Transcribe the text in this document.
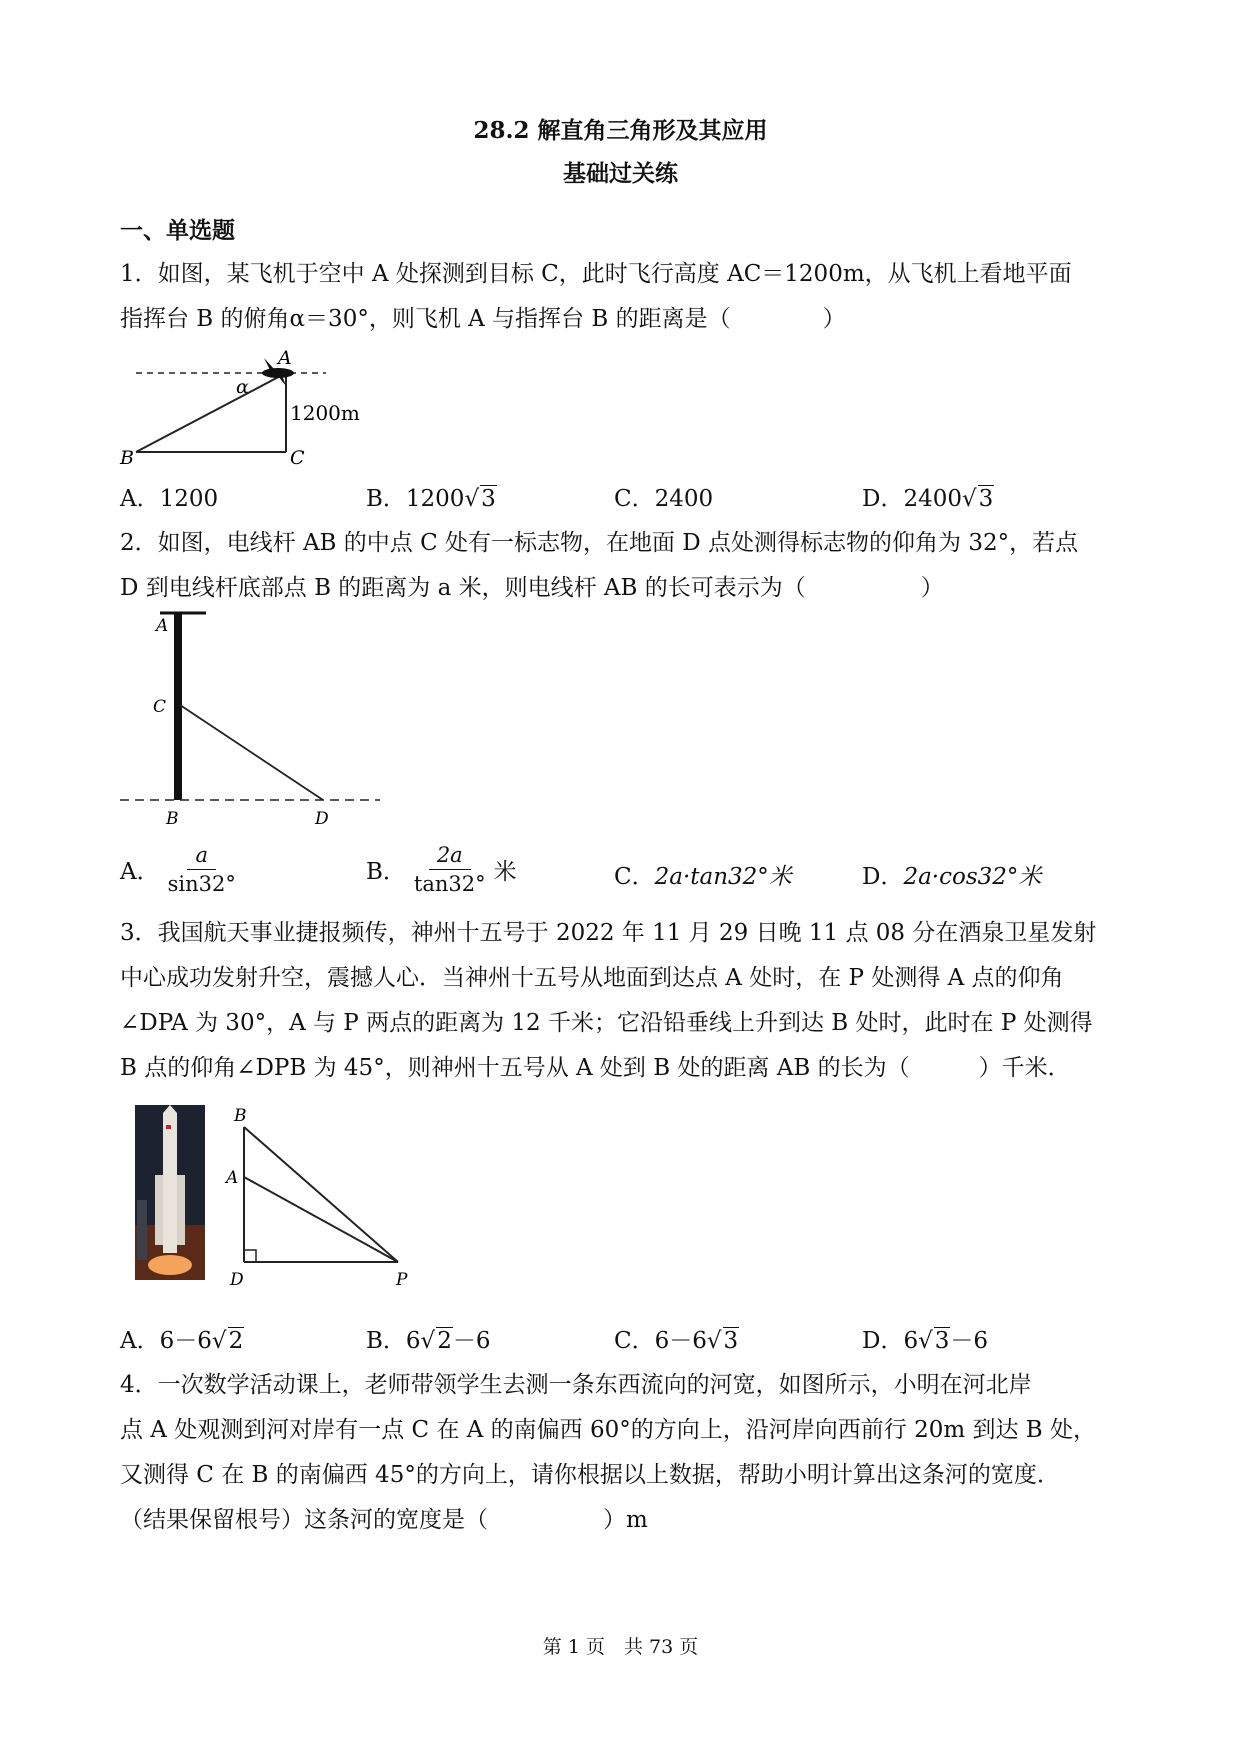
28.2 解直角三角形及其应用
基础过关练
一、单选题
1．如图，某飞机于空中 A 处探测到目标 C，此时飞行高度 AC＝1200m，从飞机上看地平面
指挥台 B 的俯角α＝30°，则飞机 A 与指挥台 B 的距离是（　　　　）
A
α
1200m
B	C
A．1200	B．1200√3	C．2400	D．2400√3
2．如图，电线杆 AB 的中点 C 处有一标志物，在地面 D 点处测得标志物的仰角为 32°，若点
D 到电线杆底部点 B 的距离为 a 米，则电线杆 AB 的长可表示为（　　　　　）
A
C
B	D
A． $\frac{a}{\sin 32^\circ}$	B． $\frac{2a}{\tan 32^\circ}$ 米	C．2a·tan32°米	D．2a·cos32°米
3．我国航天事业捷报频传，神州十五号于 2022 年 11 月 29 日晚 11 点 08 分在酒泉卫星发射
中心成功发射升空，震撼人心．当神州十五号从地面到达点 A 处时，在 P 处测得 A 点的仰角
∠DPA 为 30°，A 与 P 两点的距离为 12 千米；它沿铅垂线上升到达 B 处时，此时在 P 处测得
B 点的仰角∠DPB 为 45°，则神州十五号从 A 处到 B 处的距离 AB 的长为（　　　）千米．
B
A
D	P
A．6－6√2	B．6√2－6	C．6－6√3	D．6√3－6
4．一次数学活动课上，老师带领学生去测一条东西流向的河宽，如图所示，小明在河北岸
点 A 处观测到河对岸有一点 C 在 A 的南偏西 60°的方向上，沿河岸向西前行 20m 到达 B 处，
又测得 C 在 B 的南偏西 45°的方向上，请你根据以上数据，帮助小明计算出这条河的宽度．
（结果保留根号）这条河的宽度是（　　　　　）m
第 1 页　共 73 页
